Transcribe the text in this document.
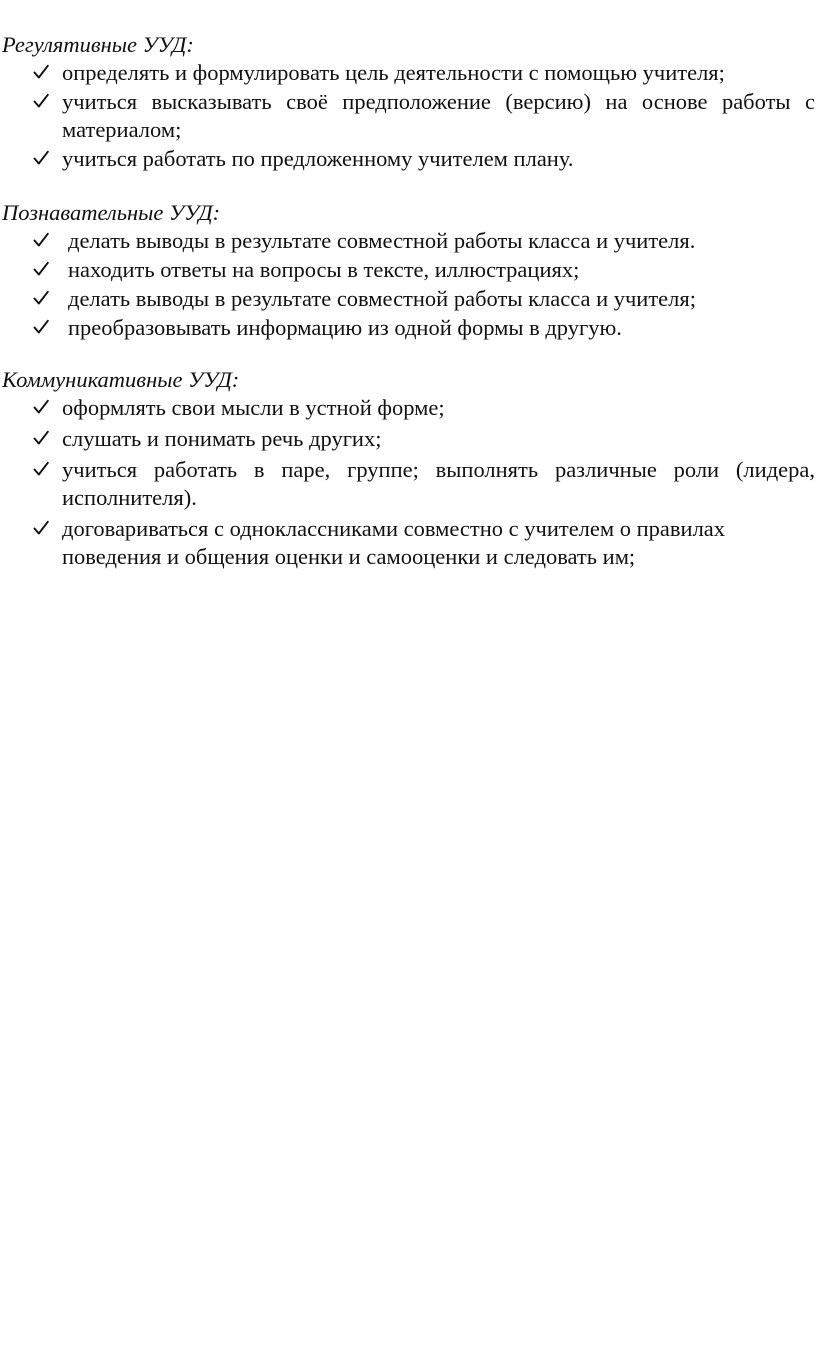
Регулятивные УУД:

определять и формулировать цель деятельности с помощью учителя;
учиться высказывать своё предположение (версию) на основе работы с материалом;
учиться работать по предложенному учителем плану.

Познавательные УУД:

делать выводы в результате совместной работы класса и учителя.
находить ответы на вопросы в тексте, иллюстрациях;
делать выводы в результате совместной работы класса и учителя;
преобразовывать информацию из одной формы в другую.

Коммуникативные УУД:

оформлять свои мысли в устной форме;
слушать и понимать речь других;
учиться работать в паре, группе; выполнять различные роли (лидера, исполнителя).
договариваться с одноклассниками совместно с учителем о правилах поведения и общения оценки и самооценки и следовать им;
